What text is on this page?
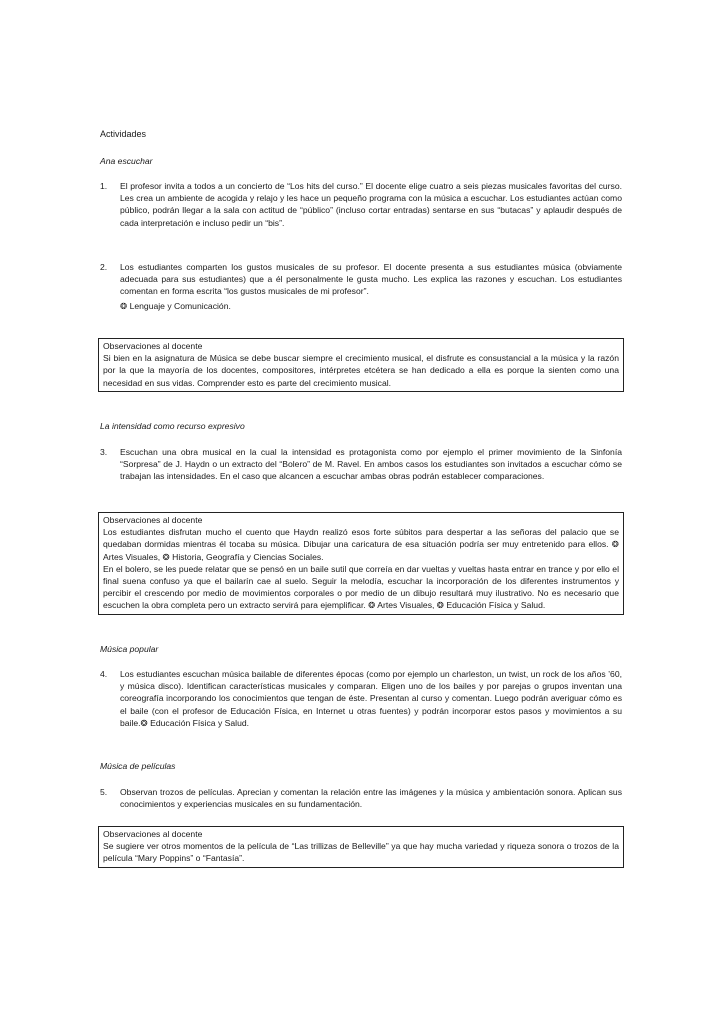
Actividades
Ana escuchar
1.	El profesor invita a todos a un concierto de “Los hits del curso.” El docente elige cuatro a seis piezas musicales favoritas del curso. Les crea un ambiente de acogida y relajo y les hace un pequeño programa con la música a escuchar. Los estudiantes actúan como público, podrán llegar a la sala con actitud de “público” (incluso cortar entradas) sentarse en sus “butacas” y aplaudir después de cada interpretación e incluso pedir un “bis”.
2.	Los estudiantes comparten los gustos musicales de su profesor. El docente presenta a sus estudiantes música (obviamente adecuada para sus estudiantes) que a él personalmente le gusta mucho. Les explica las razones y escuchan. Los estudiantes comentan en forma escrita “los gustos musicales de mi profesor”.
❂ Lenguaje y Comunicación.
Observaciones al docente

Si bien en la asignatura de Música se debe buscar siempre el crecimiento musical, el disfrute es consustancial a la música y la razón por la que la mayoría de los docentes, compositores, intérpretes etcétera se han dedicado a ella es porque la sienten como una necesidad en sus vidas. Comprender esto es parte del crecimiento musical.

La intensidad como recurso expresivo
3.	Escuchan una obra musical en la cual la intensidad es protagonista como por ejemplo el primer movimiento de la Sinfonía “Sorpresa” de J. Haydn o un extracto del “Bolero” de M. Ravel. En ambos casos los estudiantes son invitados a escuchar cómo se trabajan las intensidades. En el caso que alcancen a escuchar ambas obras podrán establecer comparaciones.
Observaciones al docente

Los estudiantes disfrutan mucho el cuento que Haydn realizó esos forte súbitos para despertar a las señoras del palacio que se quedaban dormidas mientras él tocaba su música. Dibujar una caricatura de esa situación podría ser muy entretenido para ellos. ❂ Artes Visuales, ❂ Historia, Geografía y Ciencias Sociales.

En el bolero, se les puede relatar que se pensó en un baile sutil que correía en dar vueltas y vueltas hasta entrar en trance y por ello el final suena confuso ya que el bailarín cae al suelo. Seguir la melodía, escuchar la incorporación de los diferentes instrumentos y percibir el crescendo por medio de movimientos corporales o por medio de un dibujo resultará muy ilustrativo. No es necesario que escuchen la obra completa pero un extracto servirá para ejemplificar. ❂ Artes Visuales, ❂ Educación Física y Salud.

Música popular
4.	Los estudiantes escuchan música bailable de diferentes épocas (como por ejemplo un charleston, un twist, un rock de los años ’60, y música disco). Identifican características musicales y comparan. Eligen uno de los bailes y por parejas o grupos inventan una coreografía incorporando los conocimientos que tengan de éste. Presentan al curso y comentan. Luego podrán averiguar cómo es el baile (con el profesor de Educación Física, en Internet u otras fuentes) y podrán incorporar estos pasos y movimientos a su baile.❂ Educación Física y Salud.
Música de películas
5.	Observan trozos de películas. Aprecian y comentan la relación entre las imágenes y la música y ambientación sonora. Aplican sus conocimientos y experiencias musicales en su fundamentación.
Observaciones al docente

Se sugiere ver otros momentos de la película de “Las trillizas de Belleville” ya que hay mucha variedad y riqueza sonora o trozos de la película “Mary Poppins” o “Fantasía”.
